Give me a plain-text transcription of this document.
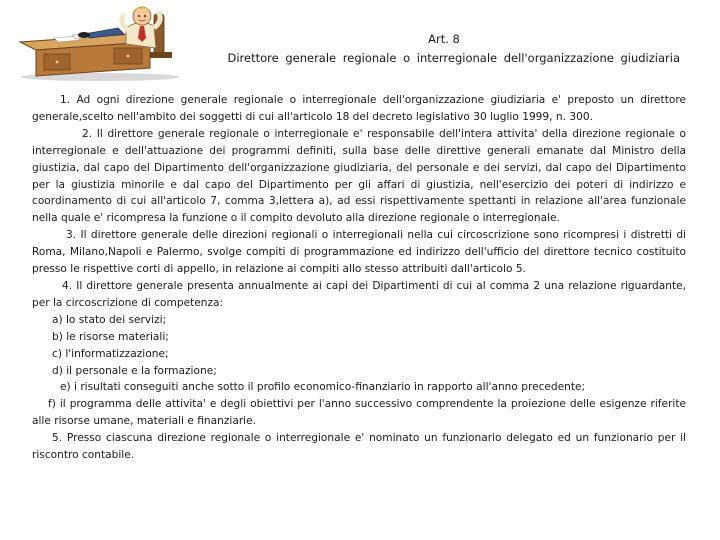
Art. 8
Direttore generale regionale o interregionale dell'organizzazione giudiziaria

1. Ad ogni direzione generale regionale o interregionale dell'organizzazione giudiziaria e' preposto un direttore generale,scelto nell'ambito dei soggetti di cui all'articolo 18 del decreto legislativo 30 luglio 1999, n. 300.

2. Il direttore generale regionale o interregionale e' responsabile dell'intera attivita' della direzione regionale o interregionale e dell'attuazione dei programmi definiti, sulla base delle direttive generali emanate dal Ministro della giustizia, dal capo del Dipartimento dell'organizzazione giudiziaria, del personale e dei servizi, dal capo del Dipartimento per la giustizia minorile e dal capo del Dipartimento per gli affari di giustizia, nell'esercizio dei poteri di indirizzo e coordinamento di cui all'articolo 7, comma 3,lettera a), ad essi rispettivamente spettanti in relazione all'area funzionale nella quale e' ricompresa la funzione o il compito devoluto alla direzione regionale o interregionale.

3. Il direttore generale delle direzioni regionali o interregionali nella cui circoscrizione sono ricompresi i distretti di Roma, Milano,Napoli e Palermo, svolge compiti di programmazione ed indirizzo dell'ufficio del direttore tecnico costituito presso le rispettive corti di appello, in relazione ai compiti allo stesso attribuiti dall'articolo 5.

4. Il direttore generale presenta annualmente ai capi dei Dipartimenti di cui al comma 2 una relazione riguardante, per la circoscrizione di competenza:

a) lo stato dei servizi;

b) le risorse materiali;

c) l'informatizzazione;

d) il personale e la formazione;

e) i risultati conseguiti anche sotto il profilo economico-finanziario in rapporto all'anno precedente;

f) il programma delle attivita' e degli obiettivi per l'anno successivo comprendente la proiezione delle esigenze riferite alle risorse umane, materiali e finanziarie.

5. Presso ciascuna direzione regionale o interregionale e' nominato un funzionario delegato ed un funzionario per il riscontro contabile.
